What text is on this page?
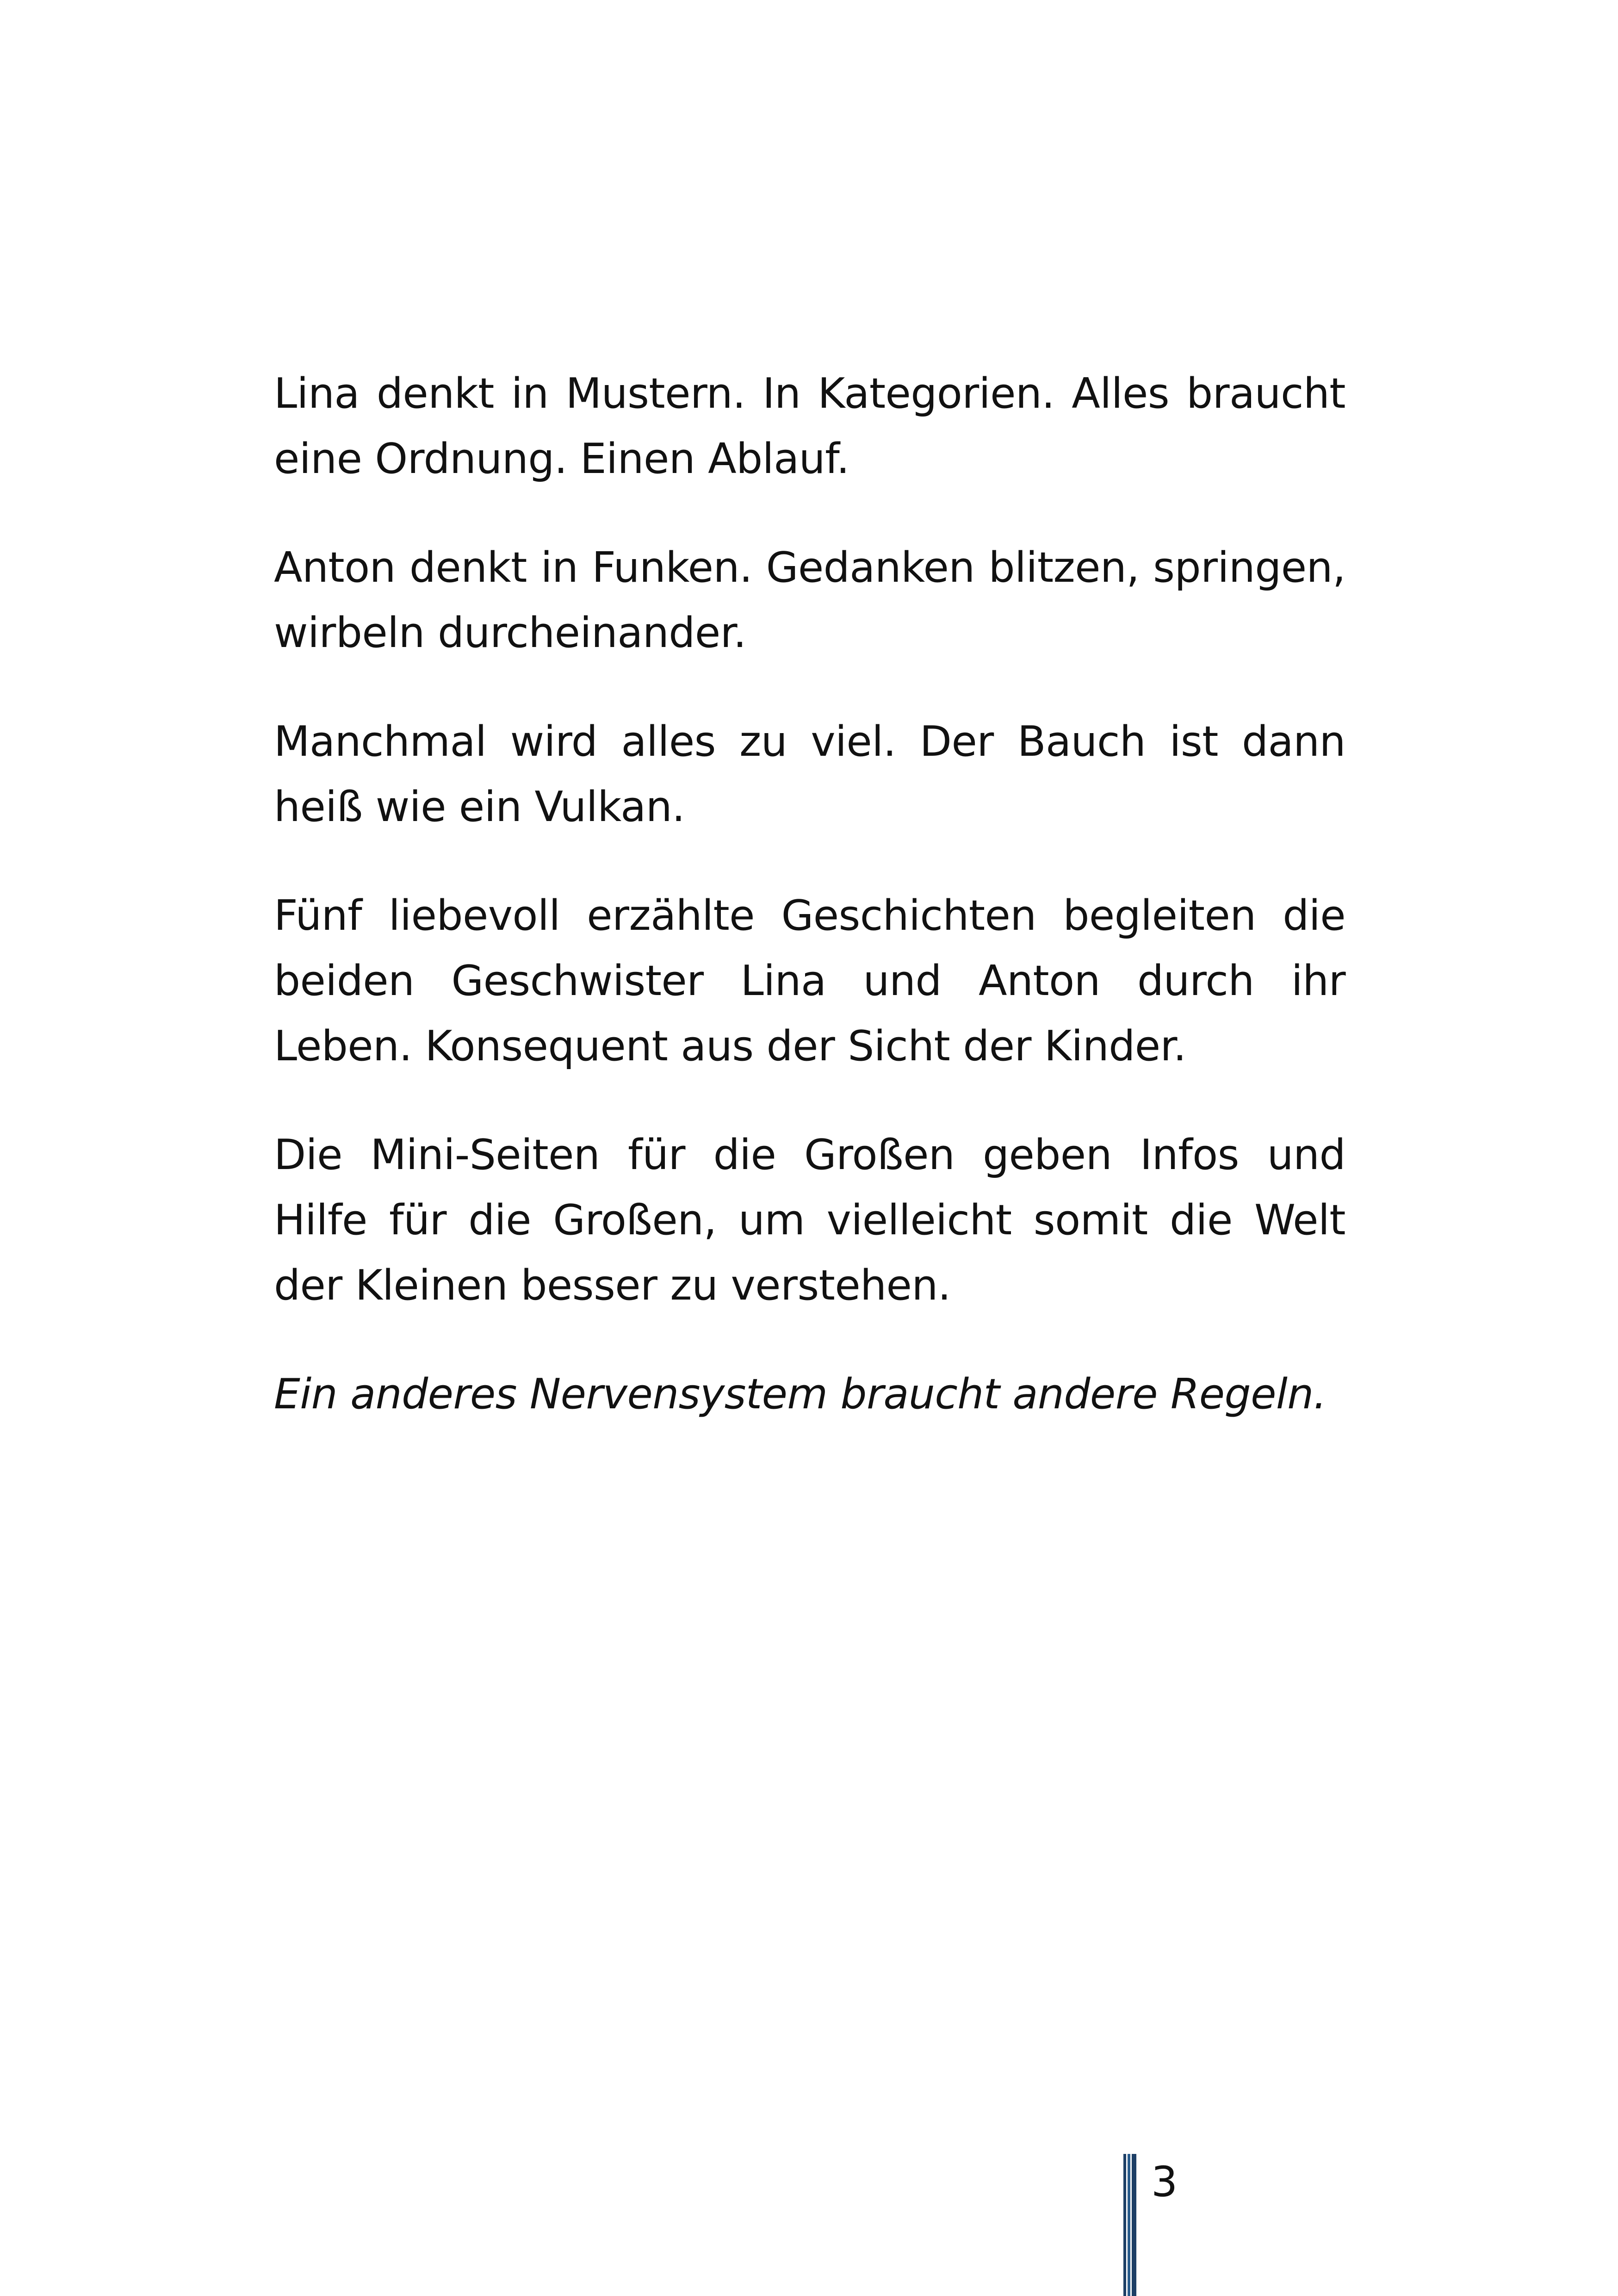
Lina denkt in Mustern. In Kategorien. Alles braucht eine Ordnung. Einen Ablauf.

Anton denkt in Funken. Gedanken blitzen, springen, wirbeln durcheinander.

Manchmal wird alles zu viel. Der Bauch ist dann heiß wie ein Vulkan.

Fünf liebevoll erzählte Geschichten begleiten die beiden Geschwister Lina und Anton durch ihr Leben. Konsequent aus der Sicht der Kinder.

Die Mini-Seiten für die Großen geben Infos und Hilfe für die Großen, um vielleicht somit die Welt der Kleinen besser zu verstehen.

Ein anderes Nervensystem braucht andere Regeln.

3
